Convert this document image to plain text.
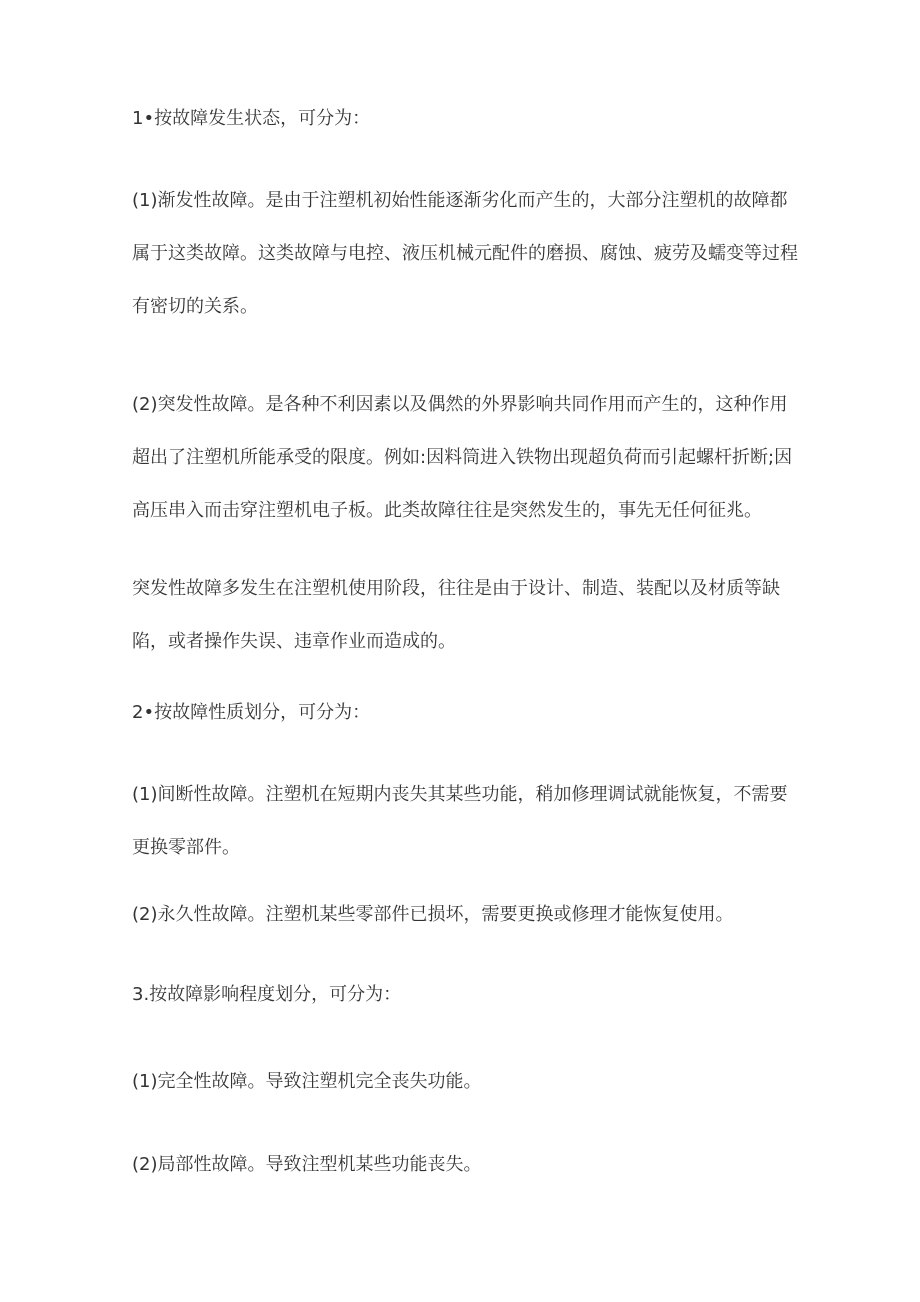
1•按故障发生状态，可分为：

(1)渐发性故障。是由于注塑机初始性能逐渐劣化而产生的，大部分注塑机的故障都属于这类故障。这类故障与电控、液压机械元配件的磨损、腐蚀、疲劳及蠕变等过程有密切的关系。

(2)突发性故障。是各种不利因素以及偶然的外界影响共同作用而产生的，这种作用超出了注塑机所能承受的限度。例如:因料筒进入铁物出现超负荷而引起螺杆折断;因高压串入而击穿注塑机电子板。此类故障往往是突然发生的，事先无任何征兆。

突发性故障多发生在注塑机使用阶段，往往是由于设计、制造、装配以及材质等缺陷，或者操作失误、违章作业而造成的。

2•按故障性质划分，可分为：

(1)间断性故障。注塑机在短期内丧失其某些功能，稍加修理调试就能恢复，不需要更换零部件。

(2)永久性故障。注塑机某些零部件已损坏，需要更换或修理才能恢复使用。

3.按故障影响程度划分，可分为：

(1)完全性故障。导致注塑机完全丧失功能。

(2)局部性故障。导致注型机某些功能丧失。
